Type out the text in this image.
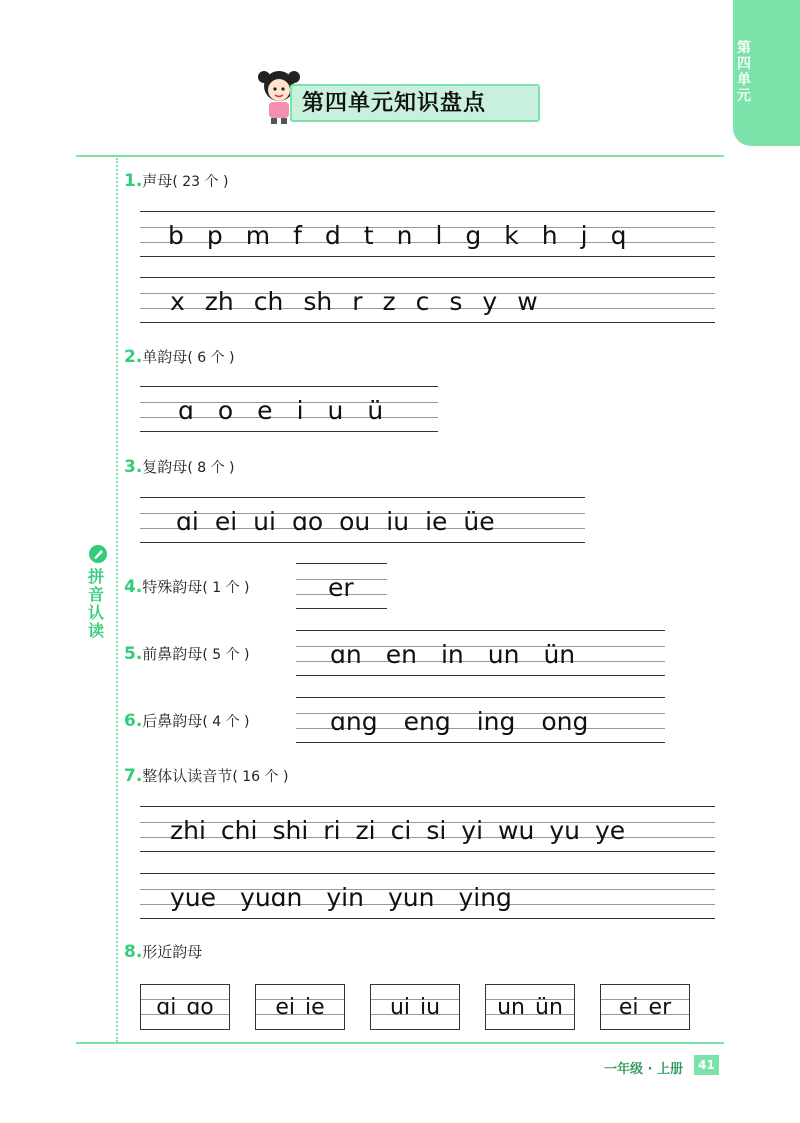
第四单元
第四单元知识盘点
拼音认读
1.声母( 23 个 )
b p m f d t n l g k h j q
x zh ch sh r z c s y w
2.单韵母( 6 个 )
ɑ o e i u ü
3.复韵母( 8 个 )
ɑi ei ui ɑo ou iu ie üe
4.特殊韵母( 1 个 )	er
5.前鼻韵母( 5 个 )	ɑn en in un ün
6.后鼻韵母( 4 个 )	ɑng eng ing ong
7.整体认读音节( 16 个 )
zhi chi shi ri zi ci si yi wu yu ye
yue yuɑn yin yun ying
8.形近韵母
ɑi ɑo	ei ie	ui iu	un ün	ei er
一年级 · 上册	41
